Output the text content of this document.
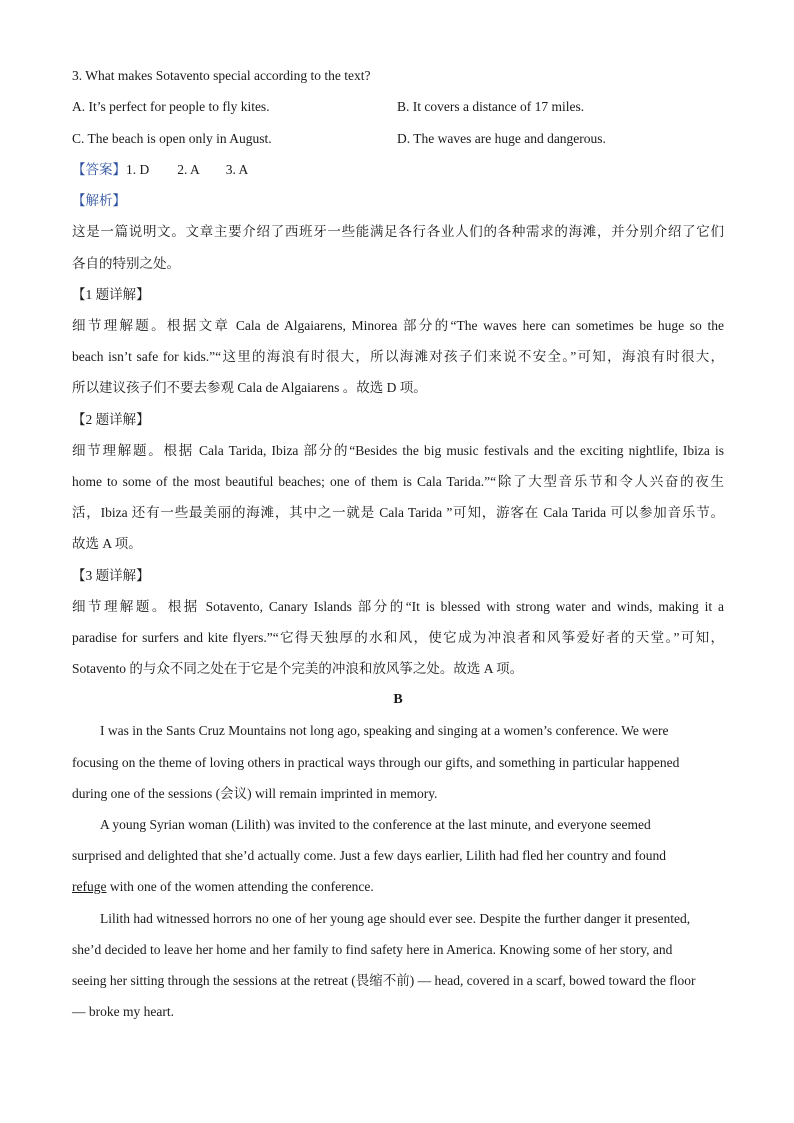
3. What makes Sotavento special according to the text?
A. It’s perfect for people to fly kites.	B. It covers a distance of 17 miles.
C. The beach is open only in August.	D. The waves are huge and dangerous.
【答案】1. D 2. A 3. A
【解析】
这是一篇说明文。文章主要介绍了西班牙一些能满足各行各业人们的各种需求的海滩，并分别介绍了它们
各自的特别之处。
【1 题详解】
细节理解题。根据文章 Cala de Algaiarens, Minorea 部分的“The waves here can sometimes be huge so the
beach isn’t safe for kids.”“这里的海浪有时很大，所以海滩对孩子们来说不安全。”可知，海浪有时很大，
所以建议孩子们不要去参观 Cala de Algaiarens 。故选 D 项。
【2 题详解】
细节理解题。根据 Cala Tarida, Ibiza 部分的“Besides the big music festivals and the exciting nightlife, Ibiza is
home to some of the most beautiful beaches; one of them is Cala Tarida.”“除了大型音乐节和令人兴奋的夜生
活，Ibiza 还有一些最美丽的海滩，其中之一就是 Cala Tarida ”可知，游客在 Cala Tarida 可以参加音乐节。
故选 A 项。
【3 题详解】
细节理解题。根据 Sotavento, Canary Islands 部分的“It is blessed with strong water and winds, making it a
paradise for surfers and kite flyers.”“它得天独厚的水和风，使它成为冲浪者和风筝爱好者的天堂。”可知，
Sotavento 的与众不同之处在于它是个完美的冲浪和放风筝之处。故选 A 项。
B
I was in the Sants Cruz Mountains not long ago, speaking and singing at a women’s conference. We were
focusing on the theme of loving others in practical ways through our gifts, and something in particular happened
during one of the sessions (会议) will remain imprinted in memory.
A young Syrian woman (Lilith) was invited to the conference at the last minute, and everyone seemed
surprised and delighted that she’d actually come. Just a few days earlier, Lilith had fled her country and found
refuge with one of the women attending the conference.
Lilith had witnessed horrors no one of her young age should ever see. Despite the further danger it presented,
she’d decided to leave her home and her family to find safety here in America. Knowing some of her story, and
seeing her sitting through the sessions at the retreat (畏缩不前) — head, covered in a scarf, bowed toward the floor
— broke my heart.
